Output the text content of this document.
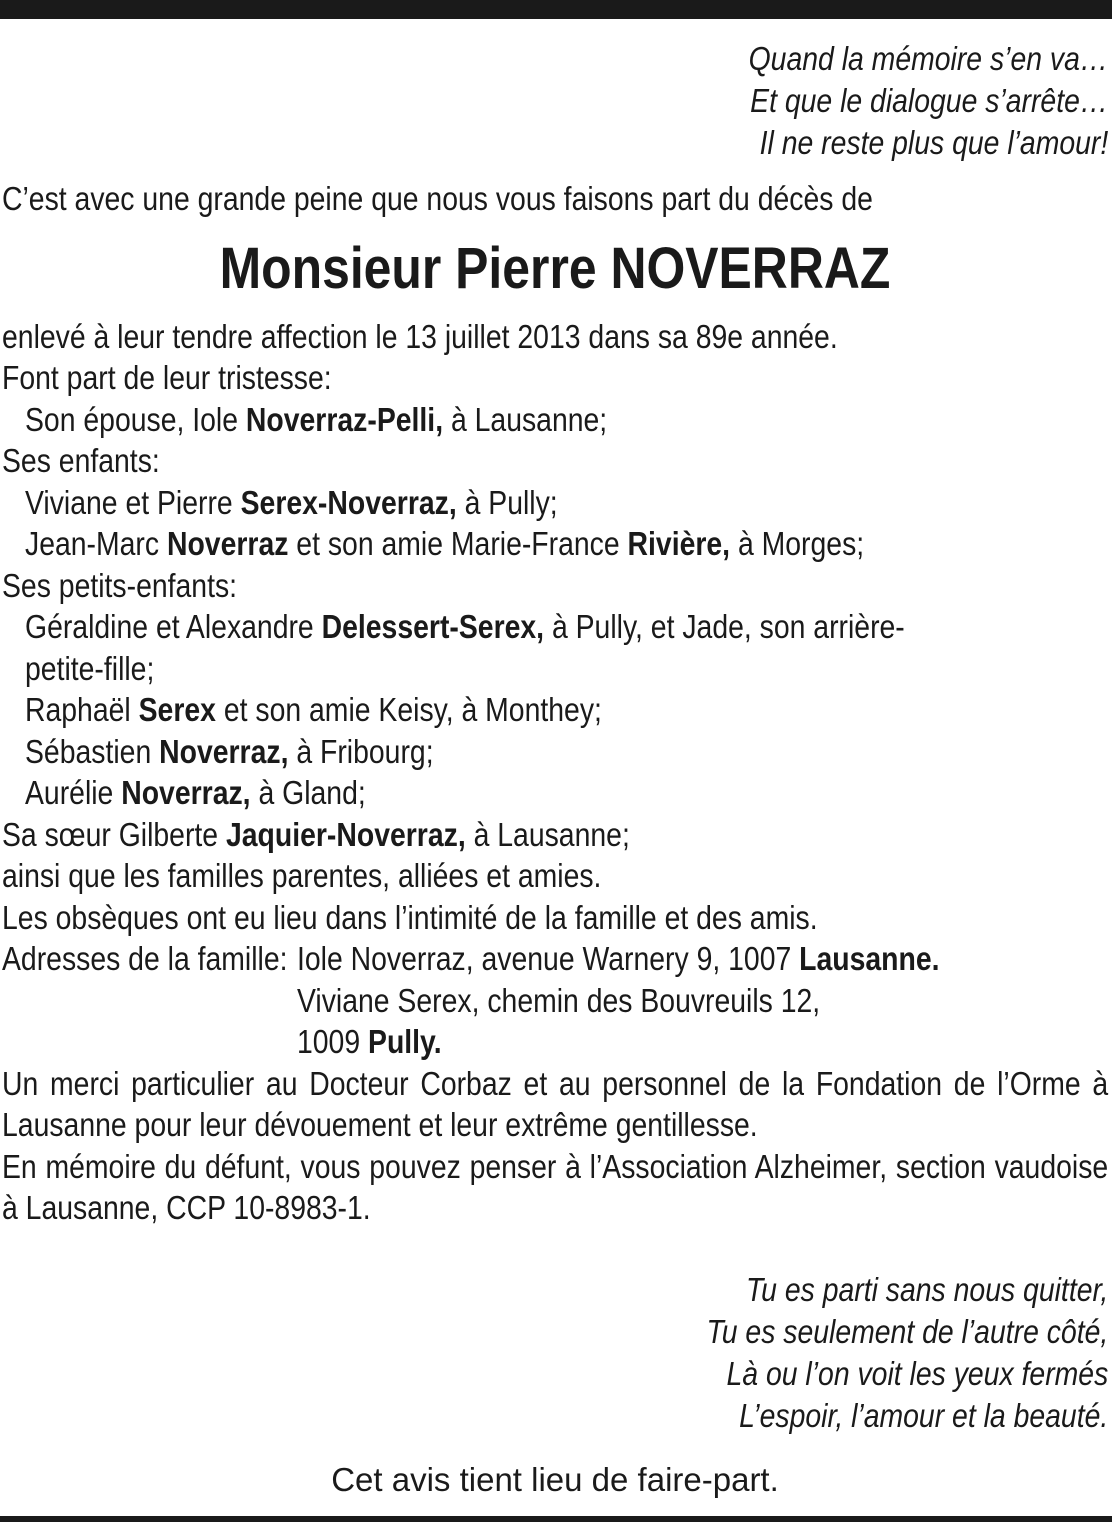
Quand la mémoire s’en va…
Et que le dialogue s’arrête…
Il ne reste plus que l’amour!
C’est avec une grande peine que nous vous faisons part du décès de
Monsieur Pierre NOVERRAZ
enlevé à leur tendre affection le 13 juillet 2013 dans sa 89e année.
Font part de leur tristesse:
Son épouse, Iole Noverraz-Pelli, à Lausanne;
Ses enfants:
Viviane et Pierre Serex-Noverraz, à Pully;
Jean-Marc Noverraz et son amie Marie-France Rivière, à Morges;
Ses petits-enfants:
Géraldine et Alexandre Delessert-Serex, à Pully, et Jade, son arrière-
petite-fille;
Raphaël Serex et son amie Keisy, à Monthey;
Sébastien Noverraz, à Fribourg;
Aurélie Noverraz, à Gland;
Sa sœur Gilberte Jaquier-Noverraz, à Lausanne;
ainsi que les familles parentes, alliées et amies.
Les obsèques ont eu lieu dans l’intimité de la famille et des amis.
Adresses de la famille: Iole Noverraz, avenue Warnery 9, 1007 Lausanne.
Viviane Serex, chemin des Bouvreuils 12,
1009 Pully.
Un merci particulier au Docteur Corbaz et au personnel de la Fondation de l’Orme à Lausanne pour leur dévouement et leur extrême gentillesse.
En mémoire du défunt, vous pouvez penser à l’Association Alzheimer, section vaudoise à Lausanne, CCP 10-8983-1.
Tu es parti sans nous quitter,
Tu es seulement de l’autre côté,
Là ou l’on voit les yeux fermés
L’espoir, l’amour et la beauté.
Cet avis tient lieu de faire-part.
